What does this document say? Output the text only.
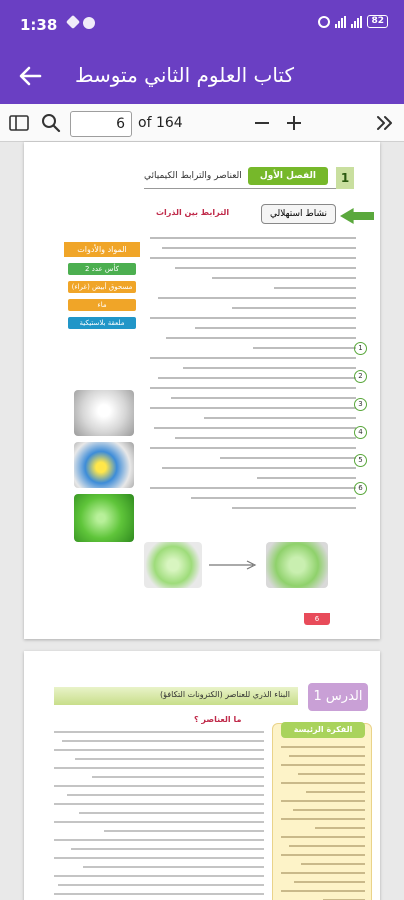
1:38	82
كتاب العلوم الثاني متوسط
6
of 164
العناصر والترابط الكيميائي	الفصل الأول	1
نشاط استهلالي
الترابط بين الذرات
1
2
3
4
5
6
المواد والأدوات
كأس عدد 2
مسحوق أبيض (غراء)
ماء
ملعقة بلاستيكية
6
البناء الذري للعناصر (الكترونات التكافؤ)	الدرس 1
ما العناصر ؟
الفكرة الرئيسة
